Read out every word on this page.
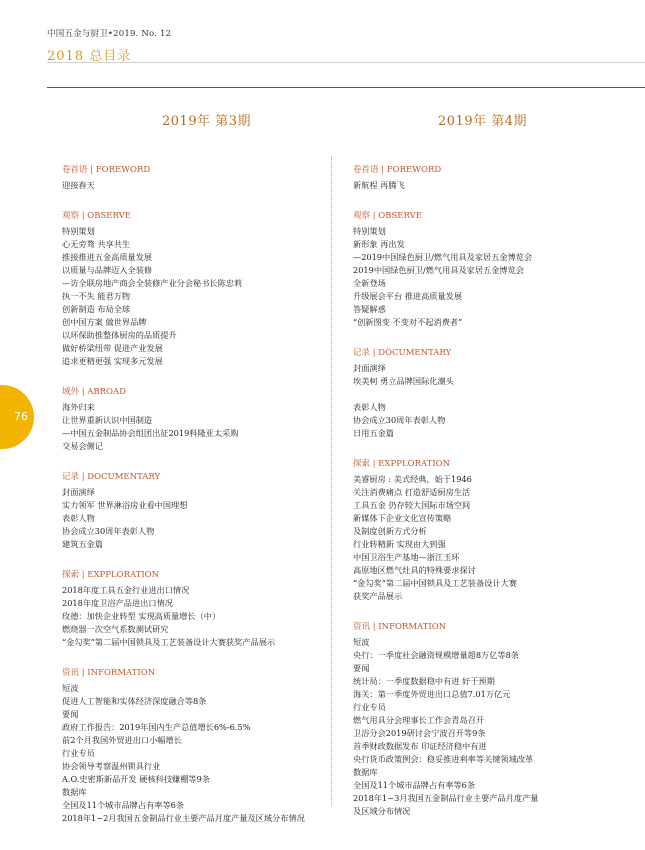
中国五金与厨卫•2019. No. 12
2018 总目录
76
2019年 第3期
卷首语 | FOREWORD
迎接春天
观察 | OBSERVE
特别策划
心无旁骛 共享共生
推接推进五金高质量发展
以质量与品牌迈入全装修
—访全联房地产商会全装修产业分会秘书长陈忠莉
执一不失 能君万物
创新制造 布局全球
创中国方案 做世界品牌
以环保助推整体厨房的品质提升
做好桥梁纽带 促进产业发展
追求更精更强 实现多元发展
域外 | ABROAD
海外归来
让世界重新认识中国制造
—中国五金制品协会组团出征2019科隆亚太采购
交易会侧记
记录 | DOCUMENTARY
封面演绎
实力领军 世界淋浴房业看中国理想
表彰人物
协会成立30周年表彰人物
建筑五金篇
探索 | EXPPLORATION
2018年度工具五金行业进出口情况
2018年度卫浴产品进出口情况
玫德：加快企业转型 实现高质量增长（中）
燃烧器一次空气系数测试研究
“金勾奖”第二届中国锁具及工艺装备设计大赛获奖产品展示
资讯 | INFORMATION
短波
促进人工智能和实体经济深度融合等8条
要闻
政府工作报告：2019年国内生产总值增长6%-6.5%
前2个月我国外贸进出口小幅增长
行业专员
协会领导考察温州锁具行业
A.O.史密斯新品开发 硬核科技赚棚等9条
数据库
全国及11个城市品牌占有率等6条
2018年1~2月我国五金制品行业主要产品月度产量及区域分布情况
2019年 第4期
卷首语 | FOREWORD
新航程 再腾飞
观察 | OBSERVE
特别策划
新形象 再出发
—2019中国绿色厨卫/燃气用具及家居五金博览会
2019中国绿色厨卫/燃气用具及家居五金博览会
全新登场
升级展会平台 推进高质量发展
答疑解惑
“创新图变 不变对不起消费者”
记录 | DOCUMENTARY
封面演绎
埃美柯 勇立品牌国际化潮头
表彰人物
协会成立30周年表彰人物
日用五金篇
探索 | EXPPLORATION
美睿厨房 : 美式经典，始于1946
关注消费痛点 打造舒适厨房生活
工具五金 仍存较大国际市场空间
新媒体下企业文化宣传策略
及制度创新方式分析
行业转精新 实现由大到强
中国卫浴生产基地—浙江玉环
高原地区燃气灶具的特殊要求探讨
“金勾奖”第二届中国锁具及工艺装备设计大赛
获奖产品展示
资讯 | INFORMATION
短波
央行：一季度社会融资规模增量超8万亿等8条
要闻
统计局：一季度数据稳中有进 好于预期
海关：第一季度外贸进出口总值7.01万亿元
行业专员
燃气用具分会理事长工作会青岛召开
卫浴分会2019研讨会宁波召开等9条
首季财政数据发布 印证经济稳中有进
央行货币政策例会：稳妥推进利率等关键领域改革
数据库
全国及11个城市品牌占有率等6条
2018年1~3月我国五金制品行业主要产品月度产量
及区域分布情况
